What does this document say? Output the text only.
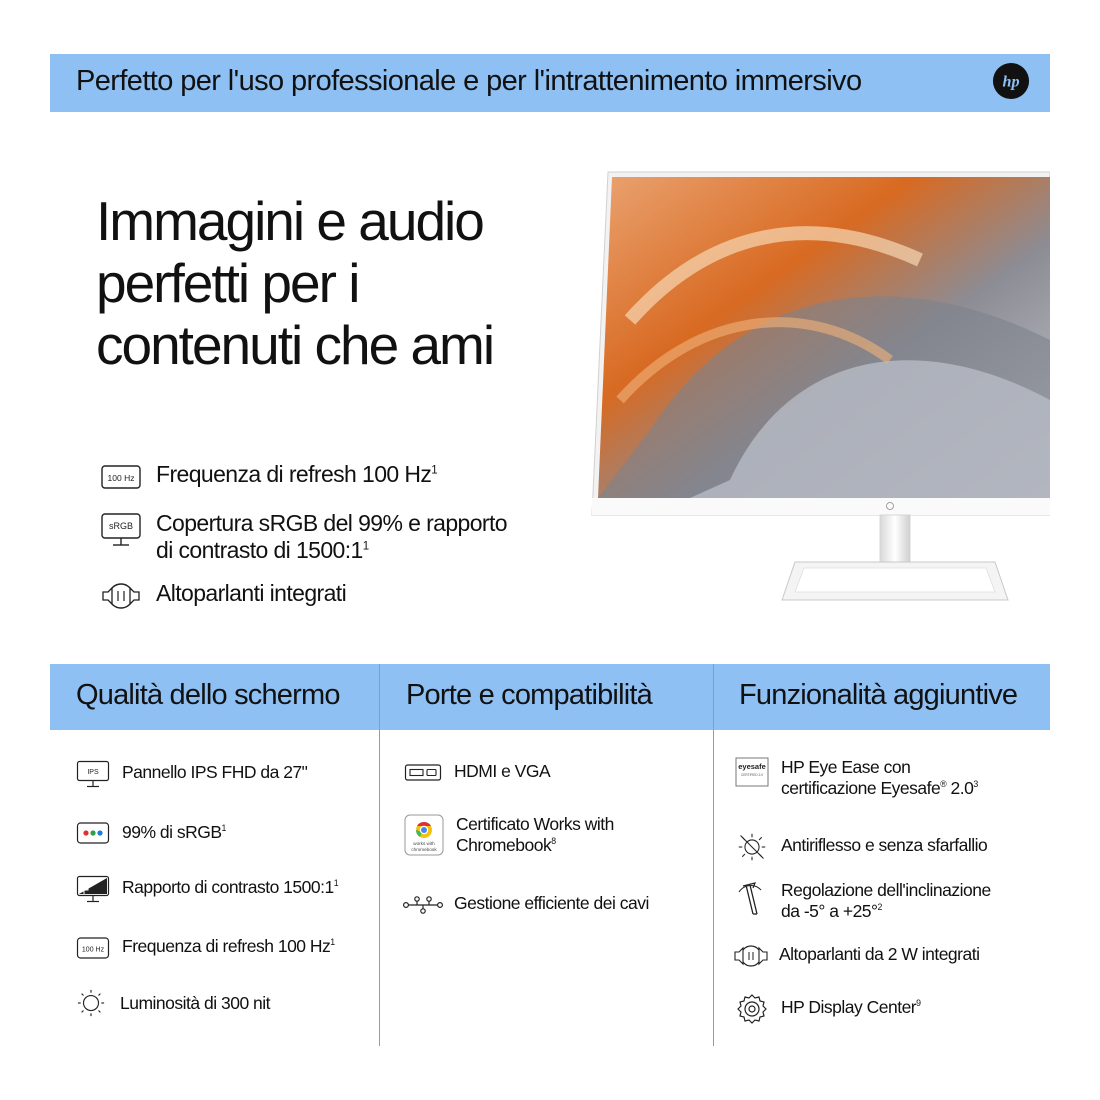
Perfetto per l'uso professionale e per l'intrattenimento immersivo	hp
Immagini e audio
perfetti per i
contenuti che ami
100 Hz Frequenza di refresh 100 Hz$^1$
sRGB Copertura sRGB del 99% e rapporto
di contrasto di $1500:1^1$
Altoparlanti integrati
Qualità dello schermo Porte e compatibilità	Funzionalità aggiuntive
IPS Pannello IPS FHD da 27"
99% di sRGB$^1$
Rapporto di contrasto $1500:1^1$
100 Hz Frequenza di refresh 100 Hz$^1$
Luminosità di 300 nit
HDMI e VGA
works with
chromebook
Certificato Works with
Chromebook$^8$
Gestione efficiente dei cavi
eyesafe
CERTIFIED 2.0 HP Eye Ease con
certificazione Eyesafe® $2.0^3$
Antiriflesso e senza sfarfallio
Regolazione dell'inclinazione
da -5° a +25°$^2$
Altoparlanti da 2 W integrati
HP Display Center$^9$
